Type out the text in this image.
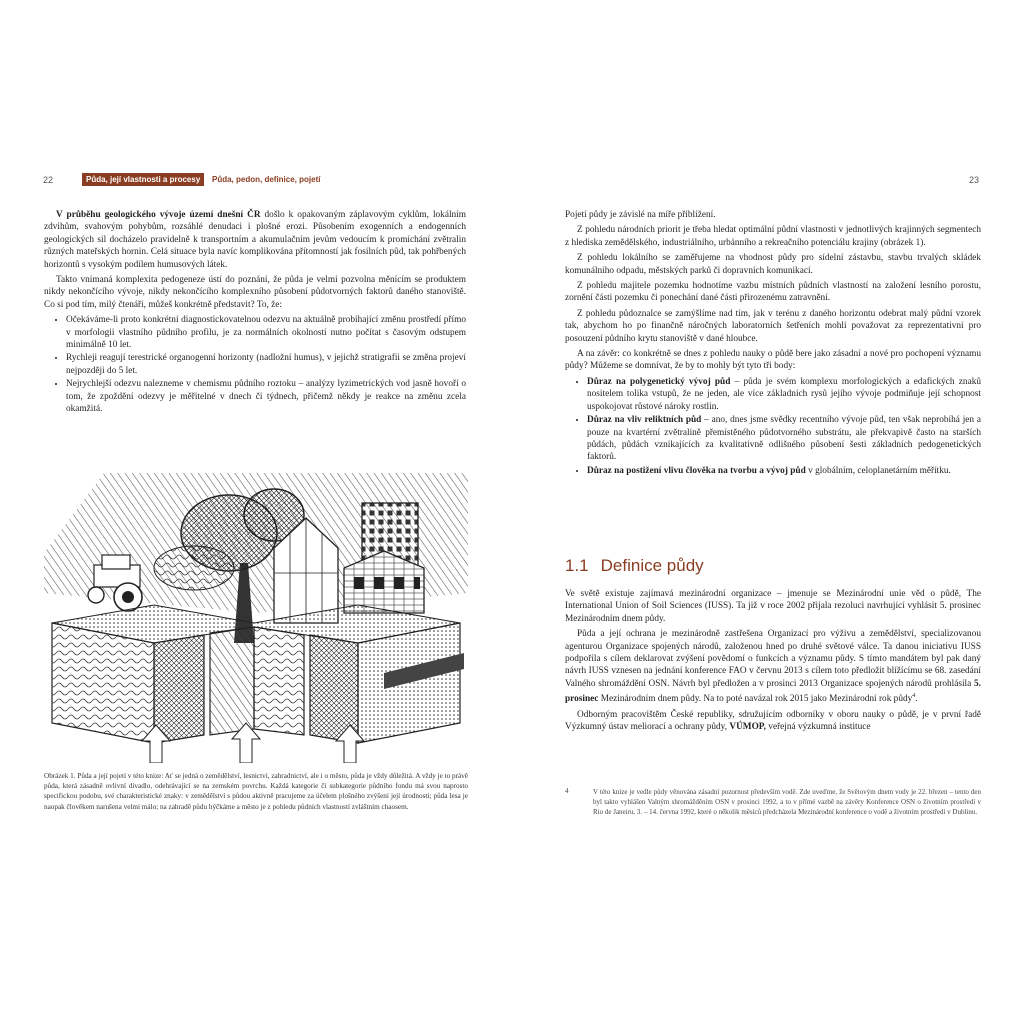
22	Půda, její vlastnosti a procesy	Půda, pedon, definice, pojetí	23

V průběhu geologického vývoje území dnešní ČR došlo k opakovaným záplavovým cyklům, lokálním zdvihům, svahovým pohybům, rozsáhlé denudaci i plošné erozi. Působením exogenních a endogenních geologických sil docházelo pravidelně k transportním a akumulačním jevům vedoucím k promíchání zvětralin různých mateřských hornin. Celá situace byla navíc komplikována přítomností jak fosilních půd, tak pohřbených horizontů s vysokým podílem humusových látek.

Takto vnímaná komplexita pedogeneze ústí do poznání, že půda je velmi pozvolna měnícím se produktem nikdy nekončícího vývoje, nikdy nekončícího komplexního působení půdotvorných faktorů daného stanoviště. Co si pod tím, milý čtenáři, můžeš konkrétně představit? To, že:

• Očekáváme-li proto konkrétní diagnostickovatelnou odezvu na aktuálně probíhající změnu prostředí přímo v morfologii vlastního půdního profilu, je za normálních okolností nutno počítat s časovým odstupem minimálně 10 let.
• Rychleji reagují terestrické organogenní horizonty (nadložní humus), v jejichž stratigrafii se změna projeví nejpozději do 5 let.
• Nejrychlejší odezvu nalezneme v chemismu půdního roztoku – analýzy lyzimetrických vod jasně hovoří o tom, že zpoždění odezvy je měřitelné v dnech či týdnech, přičemž někdy je reakce na změnu zcela okamžitá.
Obrázek 1. Půda a její pojetí v této knize: Ať se jedná o zemědělství, lesnictví, zahradnictví, ale i o město, půda je vždy důležitá. A vždy je to právě půda, která zásadně ovlivní divadlo, odehrávající se na zemském povrchu. Každá kategorie či subkategorie půdního fondu má svou naprosto specifickou podobu, své charakteristické znaky: v zemědělství s půdou aktivně pracujeme za účelem plošného zvýšení její úrodnosti; půda lesa je naopak člověkem narušena velmi málo; na zahradě půdu hýčkáme a město je z pohledu půdních vlastností zvláštním chaosem.

Pojetí půdy je závislé na míře přiblížení.

Z pohledu národních priorit je třeba hledat optimální půdní vlastnosti v jednotlivých krajinných segmentech z hlediska zemědělského, industriálního, urbánního a rekreačního potenciálu krajiny (obrázek 1).

Z pohledu lokálního se zaměřujeme na vhodnost půdy pro sídelní zástavbu, stavbu trvalých skládek komunálního odpadu, městských parků či dopravních komunikací.

Z pohledu majitele pozemku hodnotíme vazbu místních půdních vlastností na založení lesního porostu, zornění části pozemku či ponechání dané části přirozenému zatravnění.

Z pohledu půdoznalce se zamýšlíme nad tím, jak v terénu z daného horizontu odebrat malý půdní vzorek tak, abychom ho po finančně náročných laboratorních šetřeních mohli považovat za reprezentativní pro posouzení půdního krytu stanoviště v dané hloubce.

A na závěr: co konkrétně se dnes z pohledu nauky o půdě bere jako zásadní a nové pro pochopení významu půdy? Můžeme se domnívat, že by to mohly být tyto tři body:

• Důraz na polygenetický vývoj půd – půda je svém komplexu morfologických a edafických znaků nositelem tolika vstupů, že ne jeden, ale více základních rysů jejího vývoje podmiňuje její schopnost uspokojovat růstové nároky rostlin.
• Důraz na vliv reliktních půd – ano, dnes jsme svědky recentního vývoje půd, ten však neprobíhá jen a pouze na kvartérní zvětralině přemístěného půdotvorného substrátu, ale překvapivě často na starších půdách, půdách vznikajících za kvalitativně odlišného působení šesti základních pedogenetických faktorů.
• Důraz na postižení vlivu člověka na tvorbu a vývoj půd v globálním, celoplanetárním měřítku.
1.1 Definice půdy

Ve světě existuje zajímavá mezinárodní organizace – jmenuje se Mezinárodní unie věd o půdě, The International Union of Soil Sciences (IUSS). Ta již v roce 2002 přijala rezoluci navrhující vyhlásit 5. prosinec Mezinárodním dnem půdy.

Půda a její ochrana je mezinárodně zastřešena Organizací pro výživu a zemědělství, specializovanou agenturou Organizace spojených národů, založenou hned po druhé světové válce. Ta danou iniciativu IUSS podpořila s cílem deklarovat zvýšení povědomí o funkcích a významu půdy. S tímto mandátem byl pak daný návrh IUSS vznesen na jednání konference FAO v červnu 2013 s cílem toto předložit blížícímu se 68. zasedání Valného shromáždění OSN. Návrh byl předložen a v prosinci 2013 Organizace spojených národů prohlásila 5. prosinec Mezinárodním dnem půdy. Na to poté navázal rok 2015 jako Mezinárodní rok půdy$^4$.

Odborným pracovištěm České republiky, sdružujícím odborníky v oboru nauky o půdě, je v první řadě Výzkumný ústav meliorací a ochrany půdy, VÚMOP, veřejná výzkumná instituce

4	V této knize je vedle půdy věnována zásadní pozornost především vodě. Zde uveďme, že Světovým dnem vody je 22. březen – tento den byl takto vyhlášen Valným shromážděním OSN v prosinci 1992, a to v přímé vazbě na závěry Konference OSN o životním prostředí v Rio de Janeiru, 3. – 14. června 1992, které o několik měsíců předcházela Mezinárodní konference o vodě a životním prostředí v Dublinu.
